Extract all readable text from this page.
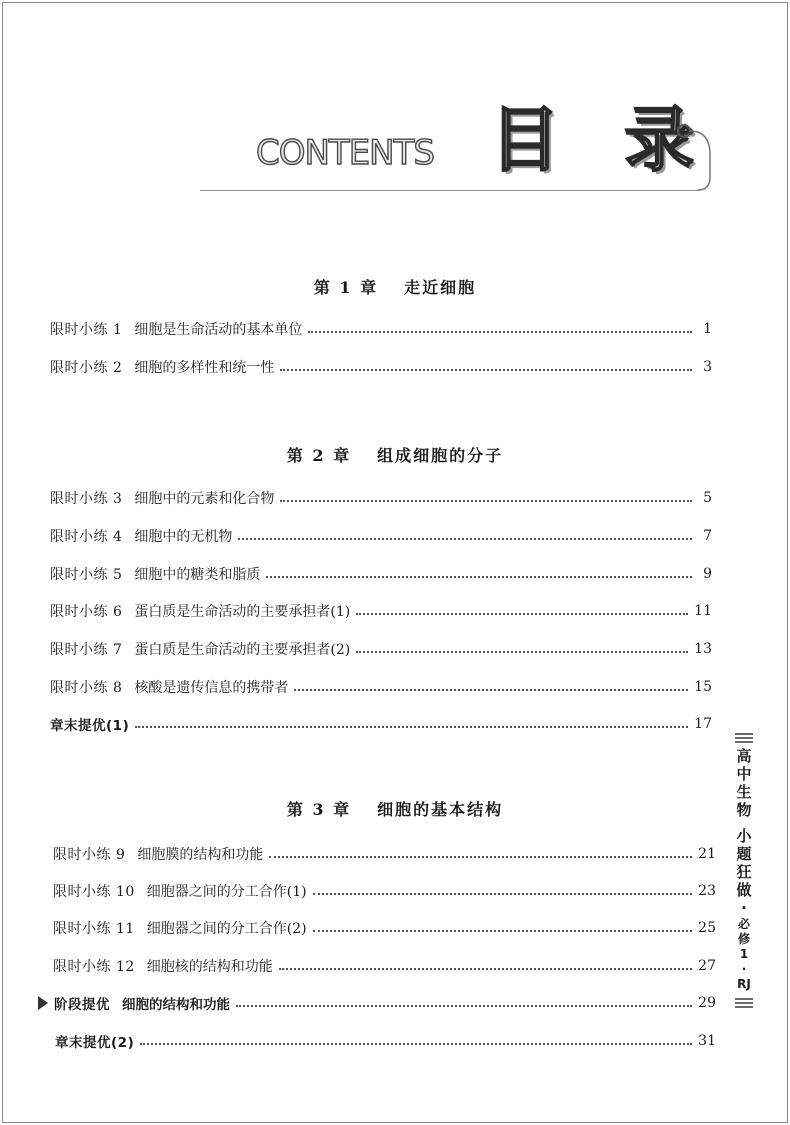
CONTENTS 目 录
第 1 章 走近细胞
第 2 章 组成细胞的分子
第 3 章 细胞的基本结构
限时小练 1 细胞是生命活动的基本单位	1
限时小练 2 细胞的多样性和统一性	3
限时小练 3 细胞中的元素和化合物	5
限时小练 4 细胞中的无机物	7
限时小练 5 细胞中的糖类和脂质	9
限时小练 6 蛋白质是生命活动的主要承担者(1)	11
限时小练 7 蛋白质是生命活动的主要承担者(2)	13
限时小练 8 核酸是遗传信息的携带者	15
章末提优(1)	17
限时小练 9 细胞膜的结构和功能	21
限时小练 10 细胞器之间的分工合作(1)	23
限时小练 11 细胞器之间的分工合作(2)	25
限时小练 12 细胞核的结构和功能	27
阶段提优 细胞的结构和功能	29
章末提优(2)	31
高
中
生
物
小
题
狂
做
·
必
修
1
·
RJ
